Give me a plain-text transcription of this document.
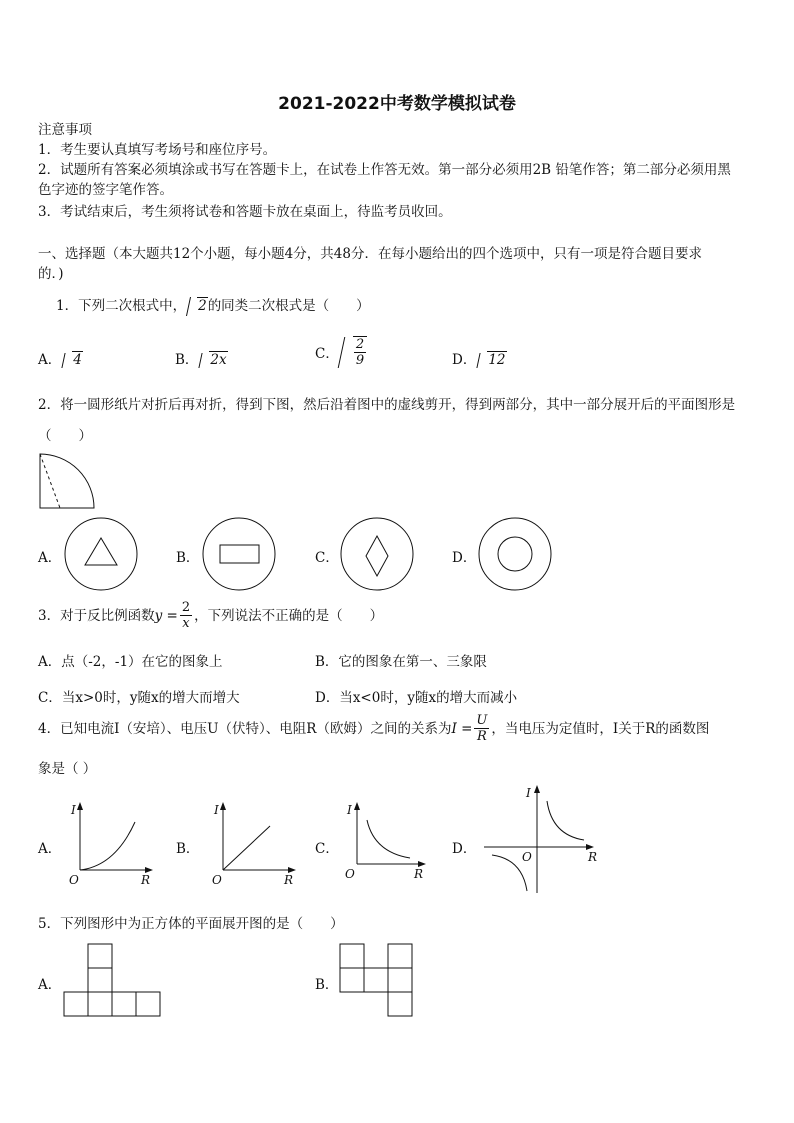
2021-2022中考数学模拟试卷
注意事项
1．考生要认真填写考场号和座位序号。
2．试题所有答案必须填涂或书写在答题卡上，在试卷上作答无效。第一部分必须用2B 铅笔作答；第二部分必须用黑
色字迹的签字笔作答。
3．考试结束后，考生须将试卷和答题卡放在桌面上，待监考员收回。
一、选择题（本大题共12个小题，每小题4分，共48分．在每小题给出的四个选项中，只有一项是符合题目要求
的．)
1．下列二次根式中， 2的同类二次根式是（　　）
A． 4	B． 2x	C． $\frac{2}{9}$	D． 12
2．将一圆形纸片对折后再对折，得到下图，然后沿着图中的虚线剪开，得到两部分，其中一部分展开后的平面图形是
（　　）
A．	B．	C．	D．
3．对于反比例函数 $y = \frac{2}{x}$ ，下列说法不正确的是（　　）
A．点（-2，-1）在它的图象上	B．它的图象在第一、三象限
C．当x>0时，y随x的增大而增大	D．当x<0时，y随x的增大而减小
4．已知电流I（安培）、电压U（伏特）、电阻R（欧姆）之间的关系为 $I = \frac{U}{R}$ ，当电压为定值时，I关于R的函数图
象是（ ）
A．
I
R
O
B．
I
R
O
C．
I
R
O
D．
I
R
O
5．下列图形中为正方体的平面展开图的是（　　）
A．	B．
